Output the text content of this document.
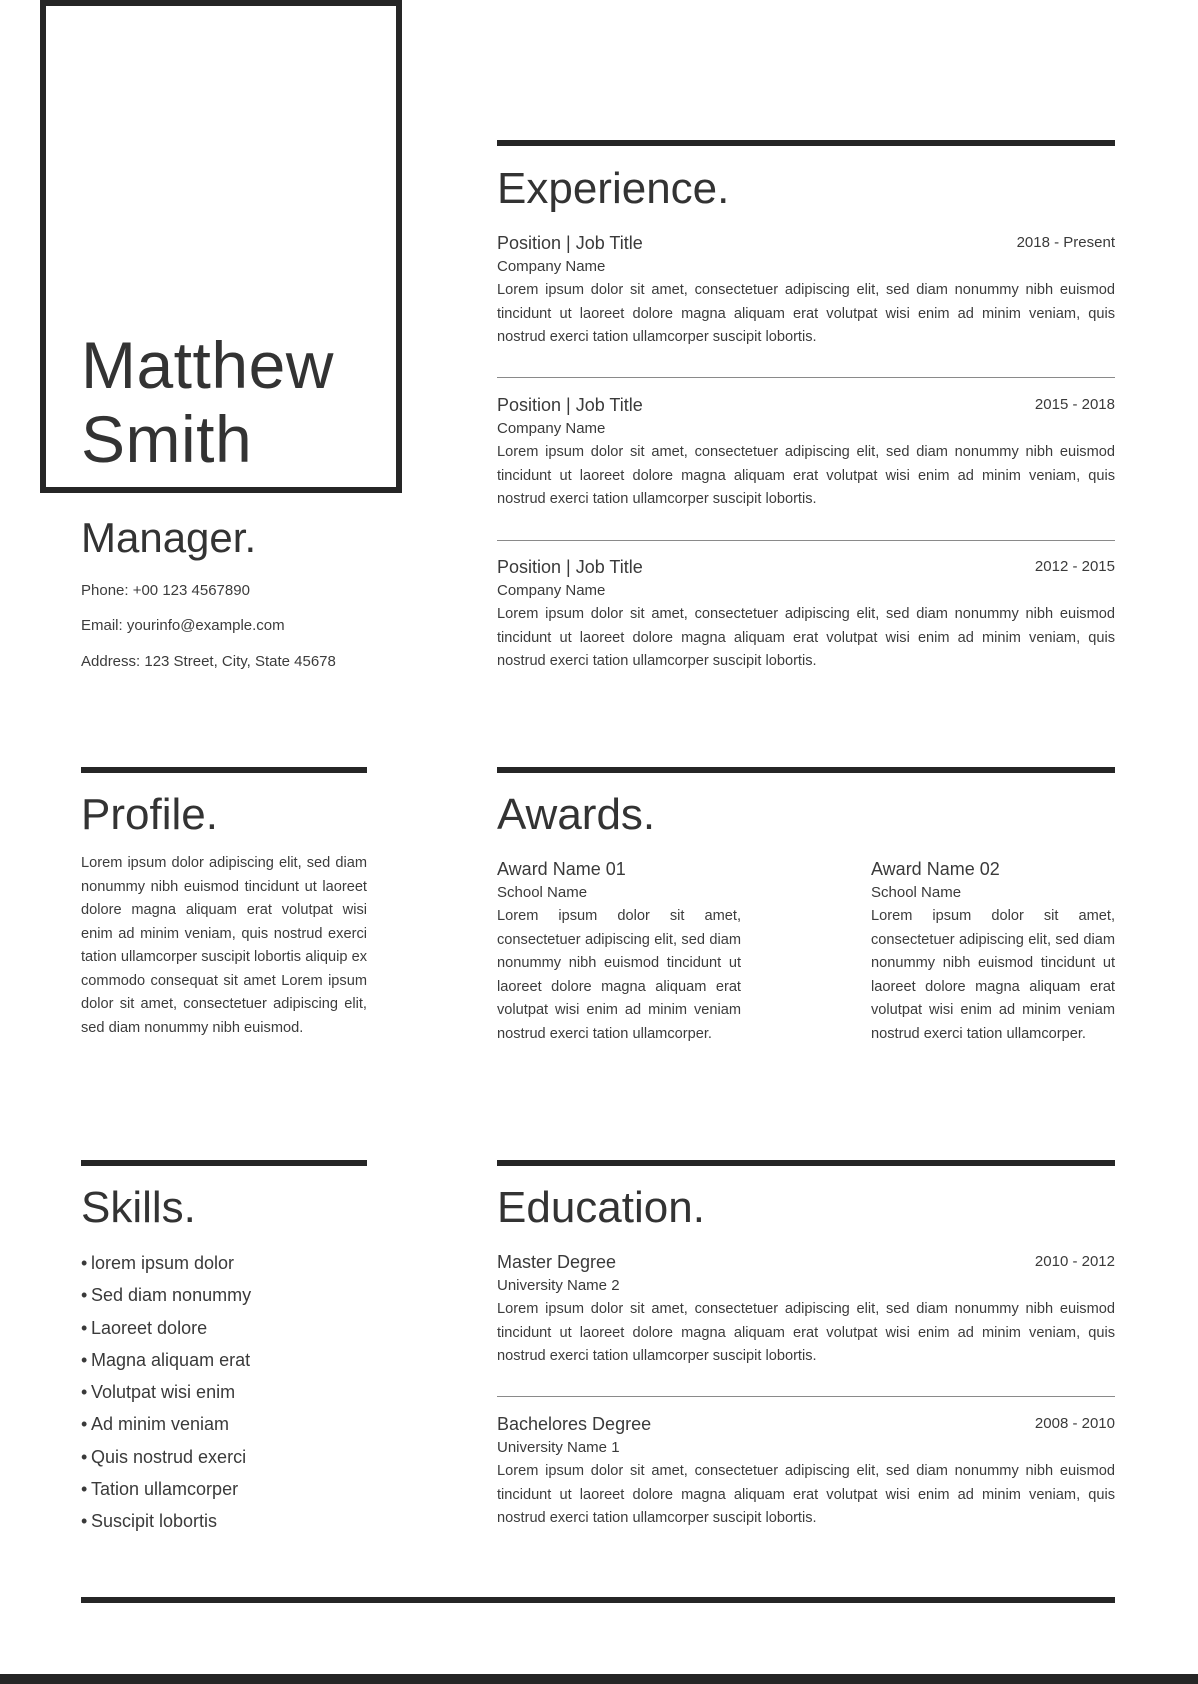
Matthew
Smith
Manager.
Phone: +00 123 4567890
Email: yourinfo@example.com
Address: 123 Street, City, State 45678
Experience.
Position | Job Title	2018 - Present
Company Name
Lorem ipsum dolor sit amet, consectetuer adipiscing elit, sed diam nonummy nibh euismod tincidunt ut laoreet dolore magna aliquam erat volutpat wisi enim ad minim veniam, quis nostrud exerci tation ullamcorper suscipit lobortis.
Position | Job Title	2015 - 2018
Company Name
Lorem ipsum dolor sit amet, consectetuer adipiscing elit, sed diam nonummy nibh euismod tincidunt ut laoreet dolore magna aliquam erat volutpat wisi enim ad minim veniam, quis nostrud exerci tation ullamcorper suscipit lobortis.
Position | Job Title	2012 - 2015
Company Name
Lorem ipsum dolor sit amet, consectetuer adipiscing elit, sed diam nonummy nibh euismod tincidunt ut laoreet dolore magna aliquam erat volutpat wisi enim ad minim veniam, quis nostrud exerci tation ullamcorper suscipit lobortis.
Profile.
Lorem ipsum dolor adipiscing elit, sed diam nonummy nibh euismod tincidunt ut laoreet dolore magna aliquam erat volutpat wisi enim ad minim veniam, quis nostrud exerci tation ullamcorper suscipit lobortis aliquip ex commodo consequat sit amet Lorem ipsum dolor sit amet, consectetuer adipiscing elit, sed diam nonummy nibh euismod.
Awards.
Award Name 01
School Name
Lorem ipsum dolor sit amet, consectetuer adipiscing elit, sed diam nonummy nibh euismod tincidunt ut laoreet dolore magna aliquam erat volutpat wisi enim ad minim veniam nostrud exerci tation ullamcorper.
Award Name 02
School Name
Lorem ipsum dolor sit amet, consectetuer adipiscing elit, sed diam nonummy nibh euismod tincidunt ut laoreet dolore magna aliquam erat volutpat wisi enim ad minim veniam nostrud exerci tation ullamcorper.
Skills.
• lorem ipsum dolor
• Sed diam nonummy
• Laoreet dolore
• Magna aliquam erat
• Volutpat wisi enim
• Ad minim veniam
• Quis nostrud exerci
• Tation ullamcorper
• Suscipit lobortis
Education.
Master Degree	2010 - 2012
University Name 2
Lorem ipsum dolor sit amet, consectetuer adipiscing elit, sed diam nonummy nibh euismod tincidunt ut laoreet dolore magna aliquam erat volutpat wisi enim ad minim veniam, quis nostrud exerci tation ullamcorper suscipit lobortis.
Bachelores Degree	2008 - 2010
University Name 1
Lorem ipsum dolor sit amet, consectetuer adipiscing elit, sed diam nonummy nibh euismod tincidunt ut laoreet dolore magna aliquam erat volutpat wisi enim ad minim veniam, quis nostrud exerci tation ullamcorper suscipit lobortis.
